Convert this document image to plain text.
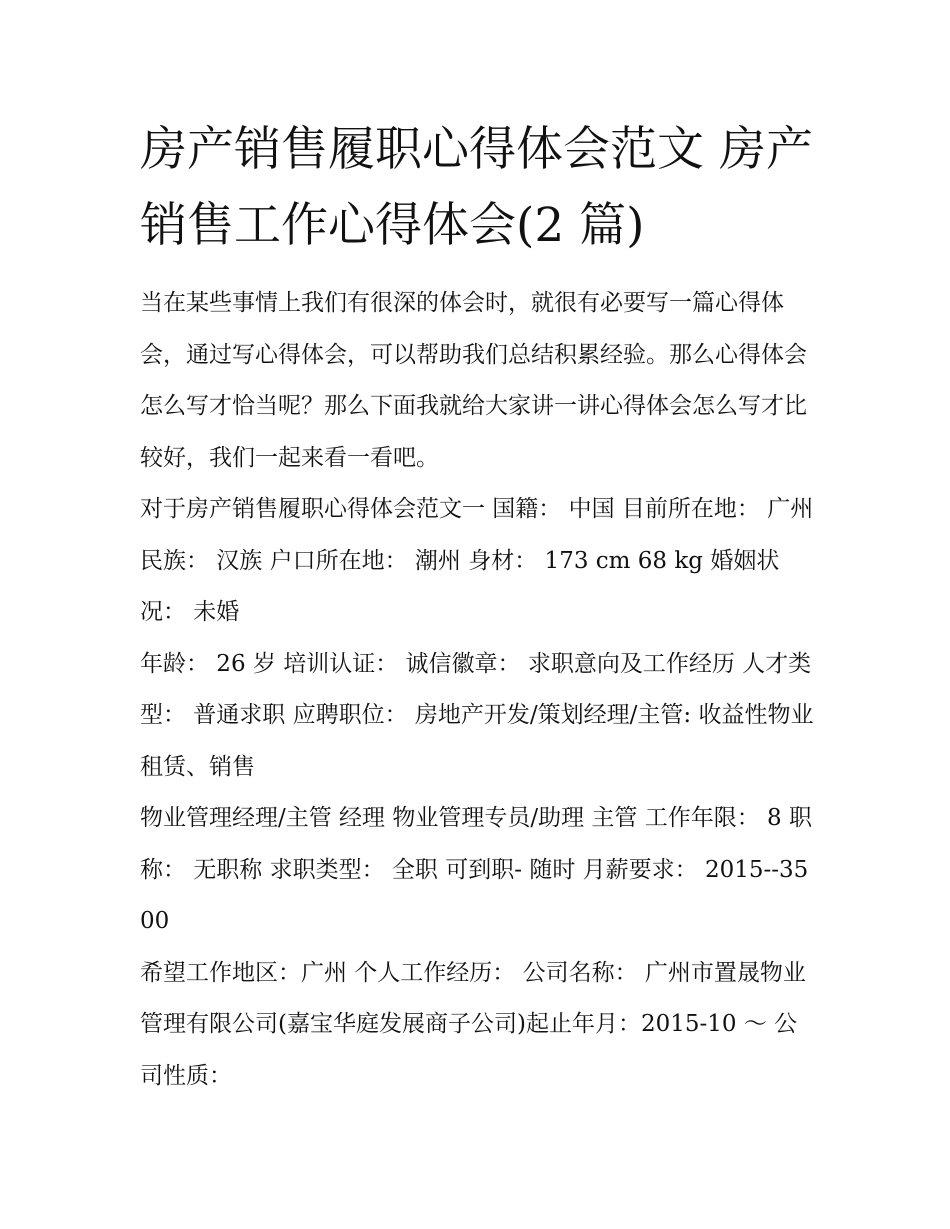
房产销售履职心得体会范文 房产销售工作心得体会(2 篇)

当在某些事情上我们有很深的体会时，就很有必要写一篇心得体会，通过写心得体会，可以帮助我们总结积累经验。那么心得体会怎么写才恰当呢？那么下面我就给大家讲一讲心得体会怎么写才比较好，我们一起来看一看吧。

对于房产销售履职心得体会范文一 国籍： 中国 目前所在地： 广州 民族： 汉族 户口所在地： 潮州 身材： 173 cm 68 kg 婚姻状况： 未婚

年龄： 26 岁 培训认证： 诚信徽章： 求职意向及工作经历 人才类型： 普通求职 应聘职位： 房地产开发/策划经理/主管: 收益性物业租赁、销售

物业管理经理/主管 经理 物业管理专员/助理 主管 工作年限： 8 职称： 无职称 求职类型： 全职 可到职- 随时 月薪要求： 2015--3500

希望工作地区：广州 个人工作经历： 公司名称： 广州市置晟物业管理有限公司(嘉宝华庭发展商子公司)起止年月：2015-10 ～ 公司性质：
